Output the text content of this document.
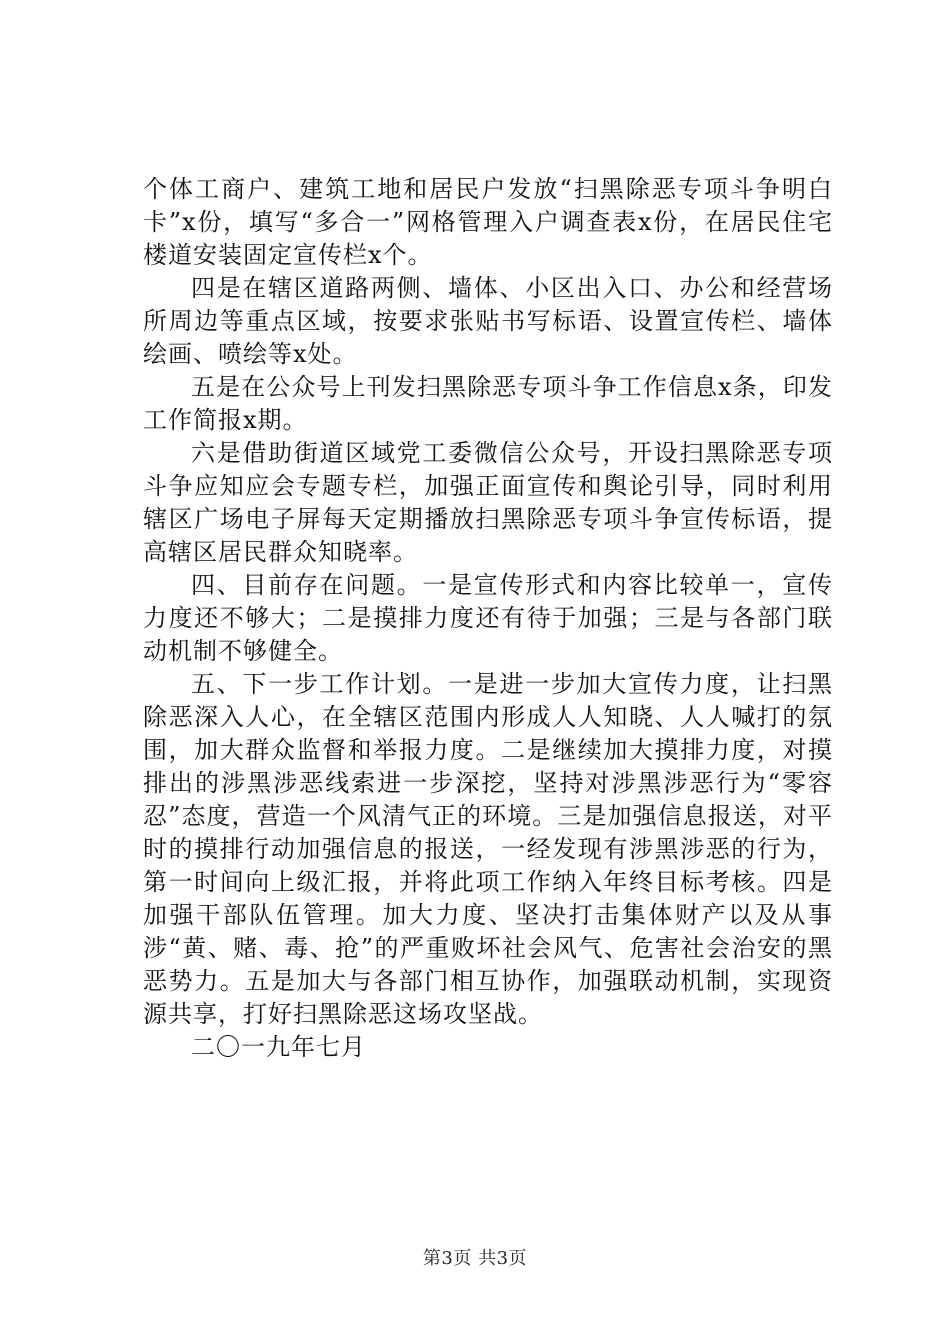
个体工商户、建筑工地和居民户发放“扫黑除恶专项斗争明白卡”x份，填写“多合一”网格管理入户调查表x份，在居民住宅楼道安装固定宣传栏x个。

四是在辖区道路两侧、墙体、小区出入口、办公和经营场所周边等重点区域，按要求张贴书写标语、设置宣传栏、墙体绘画、喷绘等x处。

五是在公众号上刊发扫黑除恶专项斗争工作信息x条，印发工作简报x期。

六是借助街道区域党工委微信公众号，开设扫黑除恶专项斗争应知应会专题专栏，加强正面宣传和舆论引导，同时利用辖区广场电子屏每天定期播放扫黑除恶专项斗争宣传标语，提高辖区居民群众知晓率。

四、目前存在问题。一是宣传形式和内容比较单一，宣传力度还不够大；二是摸排力度还有待于加强；三是与各部门联动机制不够健全。

五、下一步工作计划。一是进一步加大宣传力度，让扫黑除恶深入人心，在全辖区范围内形成人人知晓、人人喊打的氛围，加大群众监督和举报力度。二是继续加大摸排力度，对摸排出的涉黑涉恶线索进一步深挖，坚持对涉黑涉恶行为“零容忍”态度，营造一个风清气正的环境。三是加强信息报送，对平时的摸排行动加强信息的报送，一经发现有涉黑涉恶的行为，第一时间向上级汇报，并将此项工作纳入年终目标考核。四是加强干部队伍管理。加大力度、坚决打击集体财产以及从事涉“黄、赌、毒、抢”的严重败坏社会风气、危害社会治安的黑恶势力。五是加大与各部门相互协作，加强联动机制，实现资源共享，打好扫黑除恶这场攻坚战。

二〇一九年七月

第3页 共3页
